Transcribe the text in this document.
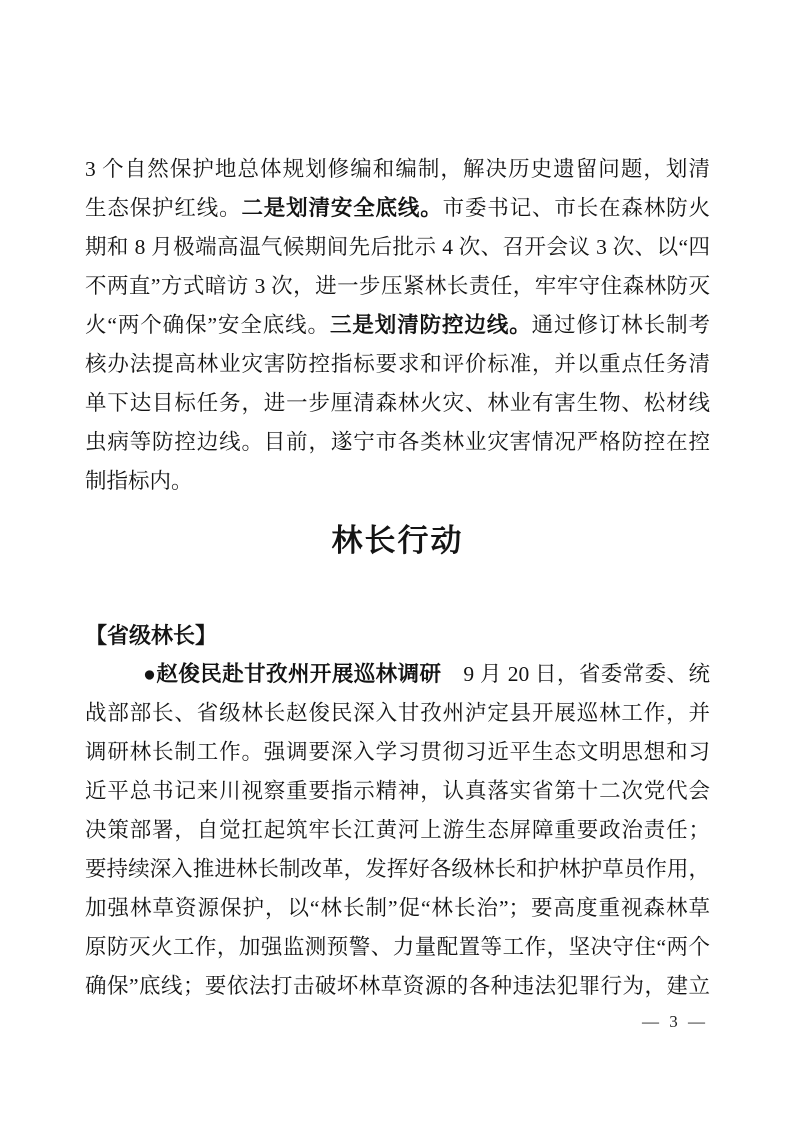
3 个自然保护地总体规划修编和编制，解决历史遗留问题，划清
生态保护红线。二是划清安全底线。市委书记、市长在森林防火
期和 8 月极端高温气候期间先后批示 4 次、召开会议 3 次、以“四
不两直”方式暗访 3 次，进一步压紧林长责任，牢牢守住森林防灭
火“两个确保”安全底线。三是划清防控边线。通过修订林长制考
核办法提高林业灾害防控指标要求和评价标准，并以重点任务清
单下达目标任务，进一步厘清森林火灾、林业有害生物、松材线
虫病等防控边线。目前，遂宁市各类林业灾害情况严格防控在控
制指标内。
林长行动
【省级林长】
●赵俊民赴甘孜州开展巡林调研　9 月 20 日，省委常委、统
战部部长、省级林长赵俊民深入甘孜州泸定县开展巡林工作，并
调研林长制工作。强调要深入学习贯彻习近平生态文明思想和习
近平总书记来川视察重要指示精神，认真落实省第十二次党代会
决策部署，自觉扛起筑牢长江黄河上游生态屏障重要政治责任；
要持续深入推进林长制改革，发挥好各级林长和护林护草员作用，
加强林草资源保护，以“林长制”促“林长治”；要高度重视森林草
原防灭火工作，加强监测预警、力量配置等工作，坚决守住“两个
确保”底线；要依法打击破坏林草资源的各种违法犯罪行为，建立
— 3 —
